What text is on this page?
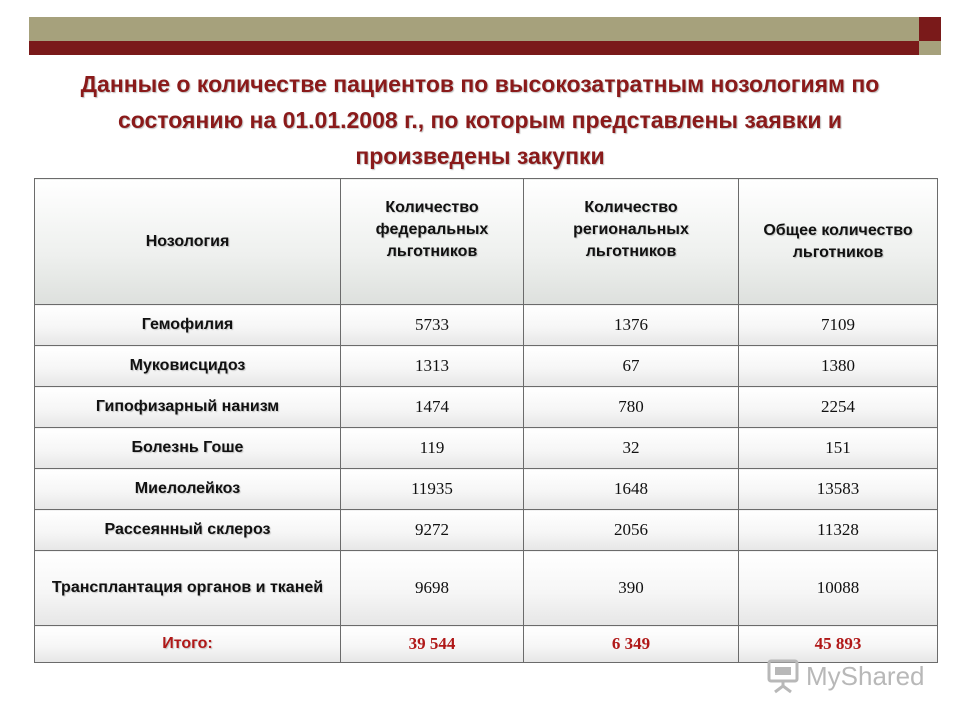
Данные о количестве пациентов по высокозатратным нозологиям по состоянию на 01.01.2008 г., по которым представлены заявки и произведены закупки
Нозология	Количество федеральных льготников	Количество региональных льготников	Общее количество льготников
Гемофилия	5733	1376	7109
Муковисцидоз	1313	67	1380
Гипофизарный нанизм	1474	780	2254
Болезнь Гоше	119	32	151
Миелолейкоз	11935	1648	13583
Рассеянный склероз	9272	2056	11328
Трансплантация органов и тканей	9698	390	10088
Итого:	39 544	6 349	45 893
MyShared
